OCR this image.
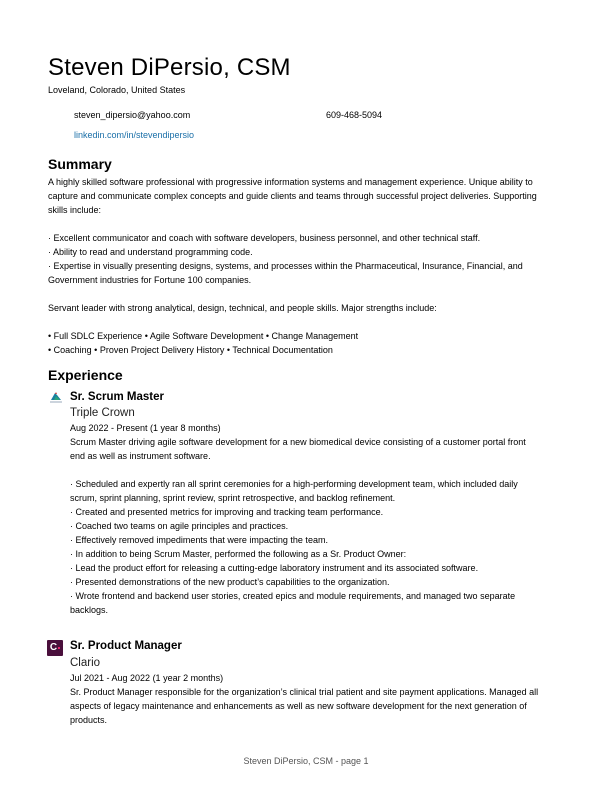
Steven DiPersio, CSM
Loveland, Colorado, United States
steven_dipersio@yahoo.com	609-468-5094
linkedin.com/in/stevendipersio
Summary

A highly skilled software professional with progressive information systems and management experience. Unique ability to capture and communicate complex concepts and guide clients and teams through successful project deliveries. Supporting skills include:

· Excellent communicator and coach with software developers, business personnel, and other technical staff.

· Ability to read and understand programming code.

· Expertise in visually presenting designs, systems, and processes within the Pharmaceutical, Insurance, Financial, and Government industries for Fortune 100 companies.

Servant leader with strong analytical, design, technical, and people skills. Major strengths include:

• Full SDLC Experience • Agile Software Development • Change Management

• Coaching • Proven Project Delivery History • Technical Documentation

Experience
Sr. Scrum Master
Triple Crown
Aug 2022 - Present (1 year 8 months)

Scrum Master driving agile software development for a new biomedical device consisting of a customer portal front end as well as instrument software.

· Scheduled and expertly ran all sprint ceremonies for a high-performing development team, which included daily scrum, sprint planning, sprint review, sprint retrospective, and backlog refinement.

· Created and presented metrics for improving and tracking team performance.

· Coached two teams on agile principles and practices.

· Effectively removed impediments that were impacting the team.

· In addition to being Scrum Master, performed the following as a Sr. Product Owner:

· Lead the product effort for releasing a cutting-edge laboratory instrument and its associated software.

· Presented demonstrations of the new product’s capabilities to the organization.

· Wrote frontend and backend user stories, created epics and module requirements, and managed two separate backlogs.

C Sr. Product Manager
Clario
Jul 2021 - Aug 2022 (1 year 2 months)

Sr. Product Manager responsible for the organization’s clinical trial patient and site payment applications. Managed all aspects of legacy maintenance and enhancements as well as new software development for the next generation of products.

Steven DiPersio, CSM - page 1
